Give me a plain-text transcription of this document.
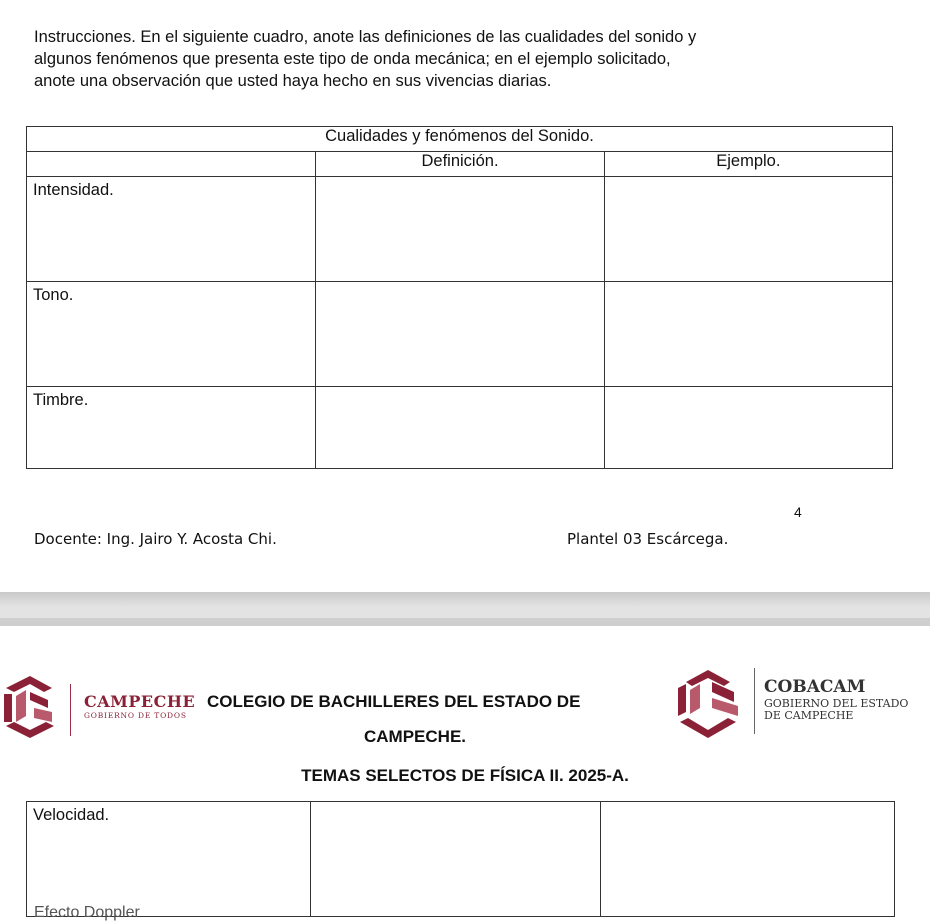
Instrucciones. En el siguiente cuadro, anote las definiciones de las cualidades del sonido y
algunos fenómenos que presenta este tipo de onda mecánica; en el ejemplo solicitado,
anote una observación que usted haya hecho en sus vivencias diarias.
Cualidades y fenómenos del Sonido.		
	Definición.	Ejemplo.
Intensidad.		
Tono.		
Timbre.		
4
Docente: Ing. Jairo Y. Acosta Chi.	Plantel 03 Escárcega.
CAMPECHE
GOBIERNO DE TODOS
COLEGIO DE BACHILLERES DEL ESTADO DE
CAMPECHE.
COBACAM
GOBIERNO DEL ESTADO
DE CAMPECHE
TEMAS SELECTOS DE FÍSICA II. 2025-A.
Velocidad.		
Efecto Doppler
